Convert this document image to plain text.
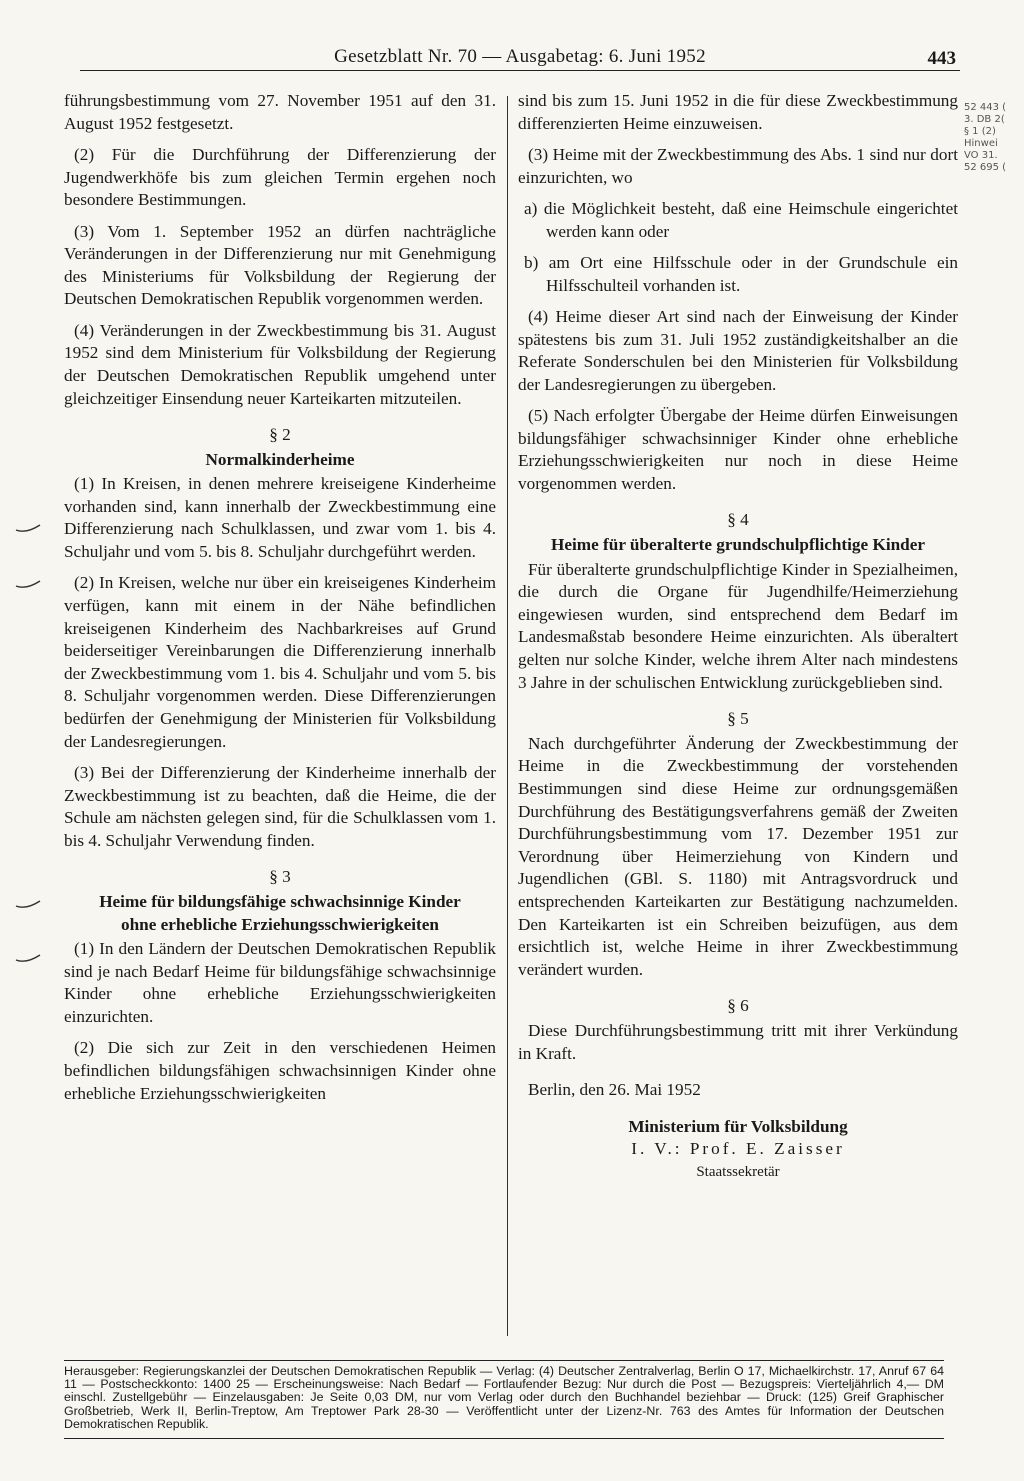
Gesetzblatt Nr. 70 — Ausgabetag: 6. Juni 1952	443
52 443 (
3. DB 2(
§ 1 (2)
Hinwei
VO 31.
52 695 (

führungsbestimmung vom 27. November 1951 auf den 31. August 1952 festgesetzt.

(2) Für die Durchführung der Differenzierung der Jugendwerkhöfe bis zum gleichen Termin ergehen noch besondere Bestimmungen.

(3) Vom 1. September 1952 an dürfen nachträgliche Veränderungen in der Differenzierung nur mit Genehmigung des Ministeriums für Volksbildung der Regierung der Deutschen Demokratischen Republik vorgenommen werden.

(4) Veränderungen in der Zweckbestimmung bis 31. August 1952 sind dem Ministerium für Volksbildung der Regierung der Deutschen Demokratischen Republik umgehend unter gleichzeitiger Einsendung neuer Karteikarten mitzuteilen.

§ 2

Normalkinderheime

(1) In Kreisen, in denen mehrere kreiseigene Kinderheime vorhanden sind, kann innerhalb der Zweckbestimmung eine Differenzierung nach Schulklassen, und zwar vom 1. bis 4. Schuljahr und vom 5. bis 8. Schuljahr durchgeführt werden.

(2) In Kreisen, welche nur über ein kreiseigenes Kinderheim verfügen, kann mit einem in der Nähe befindlichen kreiseigenen Kinderheim des Nachbarkreises auf Grund beiderseitiger Vereinbarungen die Differenzierung innerhalb der Zweckbestimmung vom 1. bis 4. Schuljahr und vom 5. bis 8. Schuljahr vorgenommen werden. Diese Differenzierungen bedürfen der Genehmigung der Ministerien für Volksbildung der Landesregierungen.

(3) Bei der Differenzierung der Kinderheime innerhalb der Zweckbestimmung ist zu beachten, daß die Heime, die der Schule am nächsten gelegen sind, für die Schulklassen vom 1. bis 4. Schuljahr Verwendung finden.

§ 3

Heime für bildungsfähige schwachsinnige Kinder

ohne erhebliche Erziehungsschwierigkeiten

(1) In den Ländern der Deutschen Demokratischen Republik sind je nach Bedarf Heime für bildungsfähige schwachsinnige Kinder ohne erhebliche Erziehungsschwierigkeiten einzurichten.

(2) Die sich zur Zeit in den verschiedenen Heimen befindlichen bildungsfähigen schwachsinnigen Kinder ohne erhebliche Erziehungsschwierigkeiten

sind bis zum 15. Juni 1952 in die für diese Zweckbestimmung differenzierten Heime einzuweisen.

(3) Heime mit der Zweckbestimmung des Abs. 1 sind nur dort einzurichten, wo

a) die Möglichkeit besteht, daß eine Heimschule eingerichtet werden kann oder

b) am Ort eine Hilfsschule oder in der Grundschule ein Hilfsschulteil vorhanden ist.

(4) Heime dieser Art sind nach der Einweisung der Kinder spätestens bis zum 31. Juli 1952 zuständigkeitshalber an die Referate Sonderschulen bei den Ministerien für Volksbildung der Landesregierungen zu übergeben.

(5) Nach erfolgter Übergabe der Heime dürfen Einweisungen bildungsfähiger schwachsinniger Kinder ohne erhebliche Erziehungsschwierigkeiten nur noch in diese Heime vorgenommen werden.

§ 4

Heime für überalterte grundschulpflichtige Kinder

Für überalterte grundschulpflichtige Kinder in Spezialheimen, die durch die Organe für Jugendhilfe/Heimerziehung eingewiesen wurden, sind entsprechend dem Bedarf im Landesmaßstab besondere Heime einzurichten. Als überaltert gelten nur solche Kinder, welche ihrem Alter nach mindestens 3 Jahre in der schulischen Entwicklung zurückgeblieben sind.

§ 5

Nach durchgeführter Änderung der Zweckbestimmung der Heime in die Zweckbestimmung der vorstehenden Bestimmungen sind diese Heime zur ordnungsgemäßen Durchführung des Bestätigungsverfahrens gemäß der Zweiten Durchführungsbestimmung vom 17. Dezember 1951 zur Verordnung über Heimerziehung von Kindern und Jugendlichen (GBl. S. 1180) mit Antragsvordruck und entsprechenden Karteikarten zur Bestätigung nachzumelden. Den Karteikarten ist ein Schreiben beizufügen, aus dem ersichtlich ist, welche Heime in ihrer Zweckbestimmung verändert wurden.

§ 6

Diese Durchführungsbestimmung tritt mit ihrer Verkündung in Kraft.

Berlin, den 26. Mai 1952

Ministerium für Volksbildung
I. V.: Prof. E. Zaisser
Staatssekretär
Herausgeber: Regierungskanzlei der Deutschen Demokratischen Republik — Verlag: (4) Deutscher Zentralverlag, Berlin O 17, Michaelkirchstr. 17, Anruf 67 64 11 — Postscheckkonto: 1400 25 — Erscheinungsweise: Nach Bedarf — Fortlaufender Bezug: Nur durch die Post — Bezugspreis: Vierteljährlich 4,— DM einschl. Zustellgebühr — Einzelausgaben: Je Seite 0,03 DM, nur vom Verlag oder durch den Buchhandel beziehbar — Druck: (125) Greif Graphischer Großbetrieb, Werk II, Berlin-Treptow, Am Treptower Park 28-30 — Veröffentlicht unter der Lizenz-Nr. 763 des Amtes für Information der Deutschen Demokratischen Republik.
